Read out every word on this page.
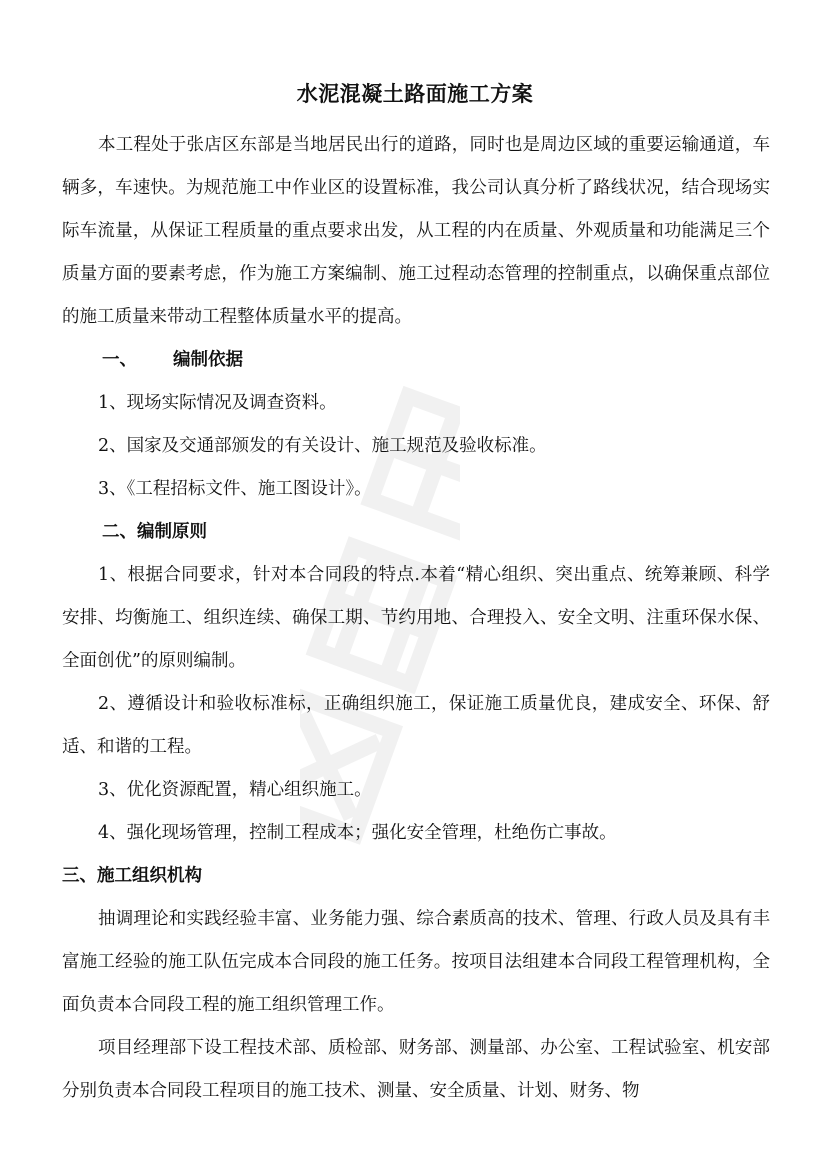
水泥混凝土路面施工方案

本工程处于张店区东部是当地居民出行的道路，同时也是周边区域的重要运输通道，车辆多，车速快。为规范施工中作业区的设置标准，我公司认真分析了路线状况，结合现场实际车流量，从保证工程质量的重点要求出发，从工程的内在质量、外观质量和功能满足三个质量方面的要素考虑，作为施工方案编制、施工过程动态管理的控制重点，以确保重点部位的施工质量来带动工程整体质量水平的提高。

一、 编制依据

1、现场实际情况及调查资料。

2、国家及交通部颁发的有关设计、施工规范及验收标准。

3、《工程招标文件、施工图设计》。

二、编制原则

1、根据合同要求，针对本合同段的特点.本着“精心组织、突出重点、统筹兼顾、科学安排、均衡施工、组织连续、确保工期、节约用地、合理投入、安全文明、注重环保水保、全面创优”的原则编制。

2、遵循设计和验收标准标，正确组织施工，保证施工质量优良，建成安全、环保、舒适、和谐的工程。

3、优化资源配置，精心组织施工。

4、强化现场管理，控制工程成本；强化安全管理，杜绝伤亡事故。

三、施工组织机构

抽调理论和实践经验丰富、业务能力强、综合素质高的技术、管理、行政人员及具有丰富施工经验的施工队伍完成本合同段的施工任务。按项目法组建本合同段工程管理机构，全面负责本合同段工程的施工组织管理工作。

项目经理部下设工程技术部、质检部、财务部、测量部、办公室、工程试验室、机安部分别负责本合同段工程项目的施工技术、测量、安全质量、计划、财务、物
